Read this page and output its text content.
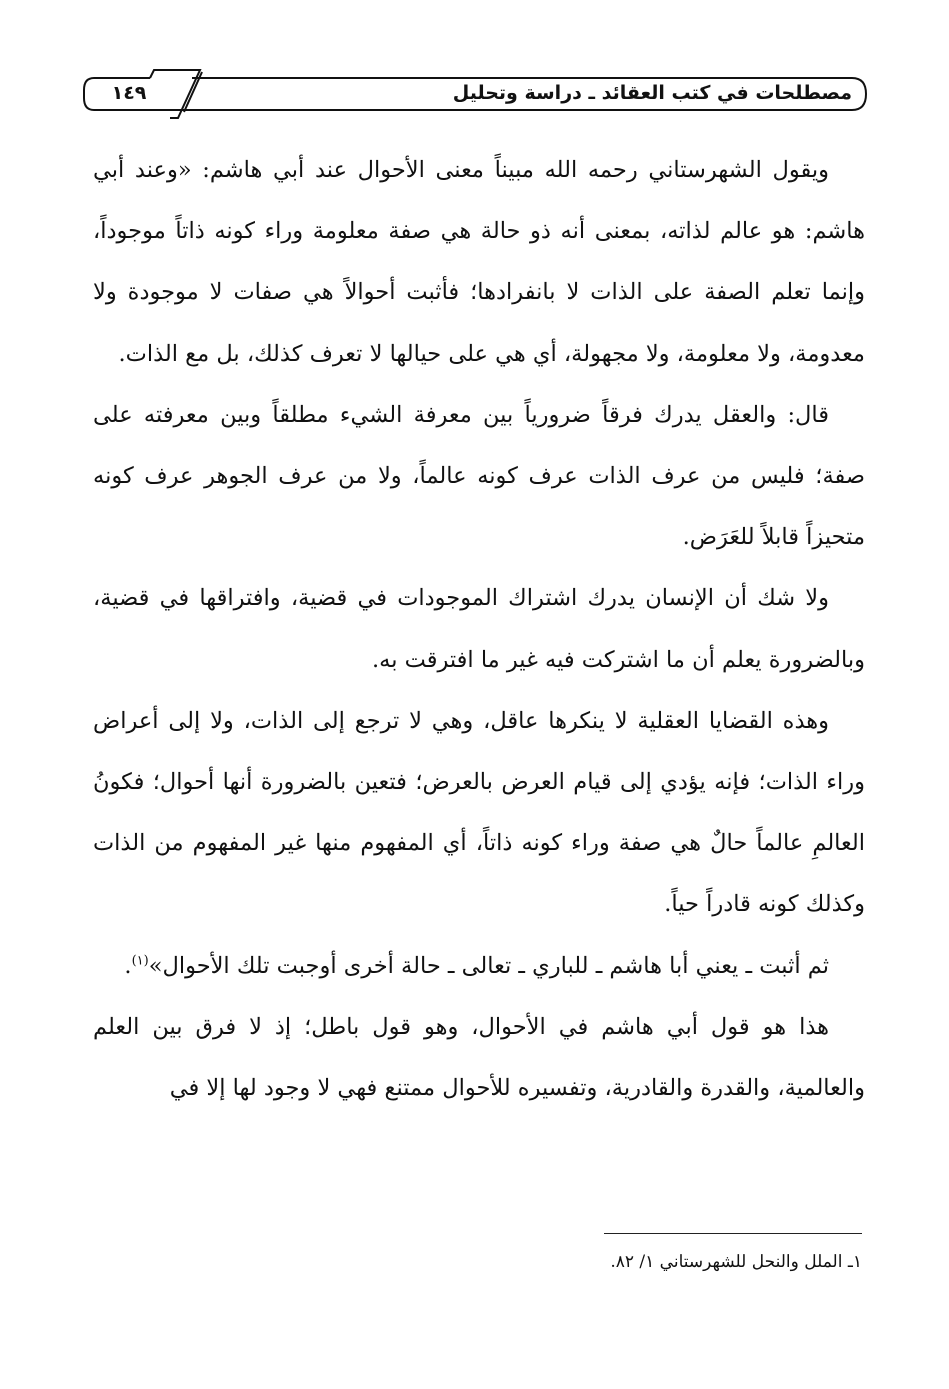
مصطلحات في كتب العقائد ـ دراسة وتحليل
١٤٩

ويقول الشهرستاني رحمه الله مبيناً معنى الأحوال عند أبي هاشم: «وعند أبي هاشم: هو عالم لذاته، بمعنى أنه ذو حالة هي صفة معلومة وراء كونه ذاتاً موجوداً، وإنما تعلم الصفة على الذات لا بانفرادها؛ فأثبت أحوالاً هي صفات لا موجودة ولا معدومة، ولا معلومة، ولا مجهولة، أي هي على حيالها لا تعرف كذلك، بل مع الذات.

قال: والعقل يدرك فرقاً ضرورياً بين معرفة الشيء مطلقاً وبين معرفته على صفة؛ فليس من عرف الذات عرف كونه عالماً، ولا من عرف الجوهر عرف كونه متحيزاً قابلاً للعَرَض.

ولا شك أن الإنسان يدرك اشتراك الموجودات في قضية، وافتراقها في قضية، وبالضرورة يعلم أن ما اشتركت فيه غير ما افترقت به.

وهذه القضايا العقلية لا ينكرها عاقل، وهي لا ترجع إلى الذات، ولا إلى أعراض وراء الذات؛ فإنه يؤدي إلى قيام العرض بالعرض؛ فتعين بالضرورة أنها أحوال؛ فكونُ العالمِ عالماً حالٌ هي صفة وراء كونه ذاتاً، أي المفهوم منها غير المفهوم من الذات وكذلك كونه قادراً حياً.

ثم أثبت ـ يعني أبا هاشم ـ للباري ـ تعالى ـ حالة أخرى أوجبت تلك الأحوال»$^{(١)}$.

هذا هو قول أبي هاشم في الأحوال، وهو قول باطل؛ إذ لا فرق بين العلم والعالمية، والقدرة والقادرية، وتفسيره للأحوال ممتنع فهي لا وجود لها إلا في

١ـ الملل والنحل للشهرستاني ١/ ٨٢.
